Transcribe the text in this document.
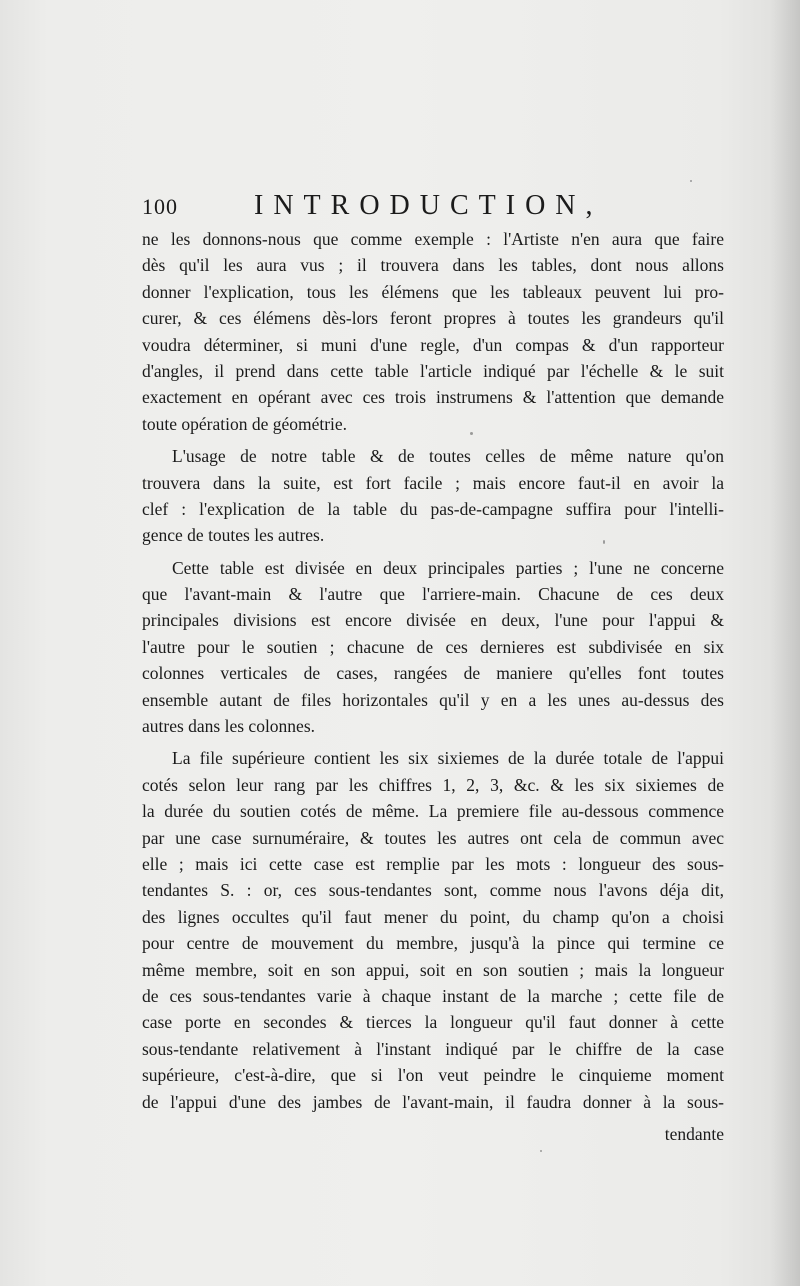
100	INTRODUCTION,
ne les donnons-nous que comme exemple : l'Artiste n'en aura que faire
dès qu'il les aura vus ; il trouvera dans les tables, dont nous allons
donner l'explication, tous les élémens que les tableaux peuvent lui pro-
curer, & ces élémens dès-lors feront propres à toutes les grandeurs qu'il
voudra déterminer, si muni d'une regle, d'un compas & d'un rapporteur
d'angles, il prend dans cette table l'article indiqué par l'échelle & le suit
exactement en opérant avec ces trois instrumens & l'attention que demande
toute opération de géométrie.
L'usage de notre table & de toutes celles de même nature qu'on
trouvera dans la suite, est fort facile ; mais encore faut-il en avoir la
clef : l'explication de la table du pas-de-campagne suffira pour l'intelli-
gence de toutes les autres.
Cette table est divisée en deux principales parties ; l'une ne concerne
que l'avant-main & l'autre que l'arriere-main. Chacune de ces deux
principales divisions est encore divisée en deux, l'une pour l'appui &
l'autre pour le soutien ; chacune de ces dernieres est subdivisée en six
colonnes verticales de cases, rangées de maniere qu'elles font toutes
ensemble autant de files horizontales qu'il y en a les unes au-dessus des
autres dans les colonnes.
La file supérieure contient les six sixiemes de la durée totale de l'appui
cotés selon leur rang par les chiffres 1, 2, 3, &c. & les six sixiemes de
la durée du soutien cotés de même. La premiere file au-dessous commence
par une case surnuméraire, & toutes les autres ont cela de commun avec
elle ; mais ici cette case est remplie par les mots : longueur des sous-
tendantes S. : or, ces sous-tendantes sont, comme nous l'avons déja dit,
des lignes occultes qu'il faut mener du point, du champ qu'on a choisi
pour centre de mouvement du membre, jusqu'à la pince qui termine ce
même membre, soit en son appui, soit en son soutien ; mais la longueur
de ces sous-tendantes varie à chaque instant de la marche ; cette file de
case porte en secondes & tierces la longueur qu'il faut donner à cette
sous-tendante relativement à l'instant indiqué par le chiffre de la case
supérieure, c'est-à-dire, que si l'on veut peindre le cinquieme moment
de l'appui d'une des jambes de l'avant-main, il faudra donner à la sous-
tendante
